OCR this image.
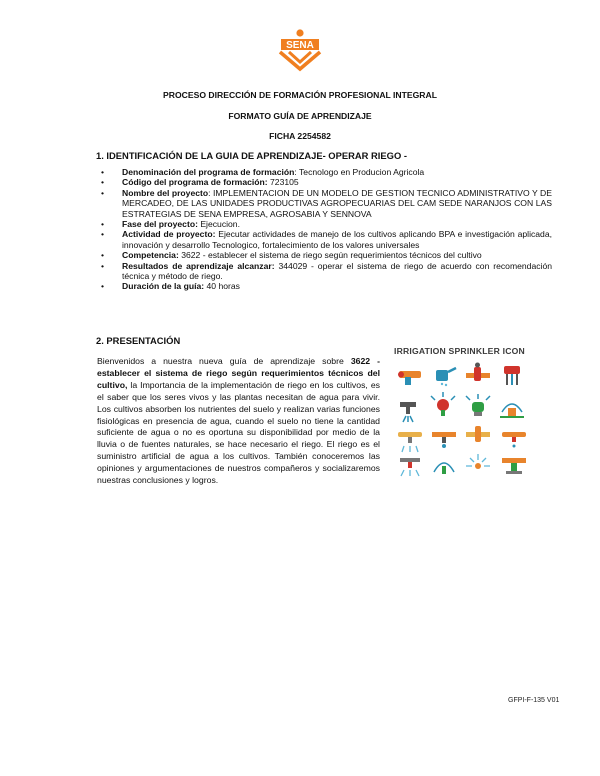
SENA
PROCESO DIRECCIÓN DE FORMACIÓN PROFESIONAL INTEGRAL
FORMATO GUÍA DE APRENDIZAJE
FICHA 2254582
1. IDENTIFICACIÓN DE LA GUIA DE APRENDIZAJE- OPERAR RIEGO -
• Denominación del programa de formación: Tecnologo en Producion Agricola
• Código del programa de formación: 723105
• Nombre del proyecto: IMPLEMENTACION DE UN MODELO DE GESTION TECNICO ADMINISTRATIVO Y DE MERCADEO, DE LAS UNIDADES PRODUCTIVAS AGROPECUARIAS DEL CAM SEDE NARANJOS CON LAS ESTRATEGIAS DE SENA EMPRESA, AGROSABIA Y SENNOVA
• Fase del proyecto: Ejecucion.
• Actividad de proyecto: Ejecutar actividades de manejo de los cultivos aplicando BPA e investigación aplicada, innovación y desarrollo Tecnologico, fortalecimiento de los valores universales
• Competencia: 3622 - establecer el sistema de riego según requerimientos técnicos del cultivo
• Resultados de aprendizaje alcanzar: 344029 - operar el sistema de riego de acuerdo con recomendación técnica y método de riego.
• Duración de la guía: 40 horas
2. PRESENTACIÓN
Bienvenidos a nuestra nueva guía de aprendizaje sobre 3622 - establecer el sistema de riego según requerimientos técnicos del cultivo, la Importancia de la implementación de riego en los cultivos, es el saber que los seres vivos y las plantas necesitan de agua para vivir. Los cultivos absorben los nutrientes del suelo y realizan varias funciones fisiológicas en presencia de agua, cuando el suelo no tiene la cantidad suficiente de agua o no es oportuna su disponibilidad por medio de la lluvia o de fuentes naturales, se hace necesario el riego. El riego es el suministro artificial de agua a los cultivos. También conoceremos las opiniones y argumentaciones de nuestros compañeros y socializaremos nuestras conclusiones y logros.
IRRIGATION SPRINKLER ICON
GFPI-F-135 V01
